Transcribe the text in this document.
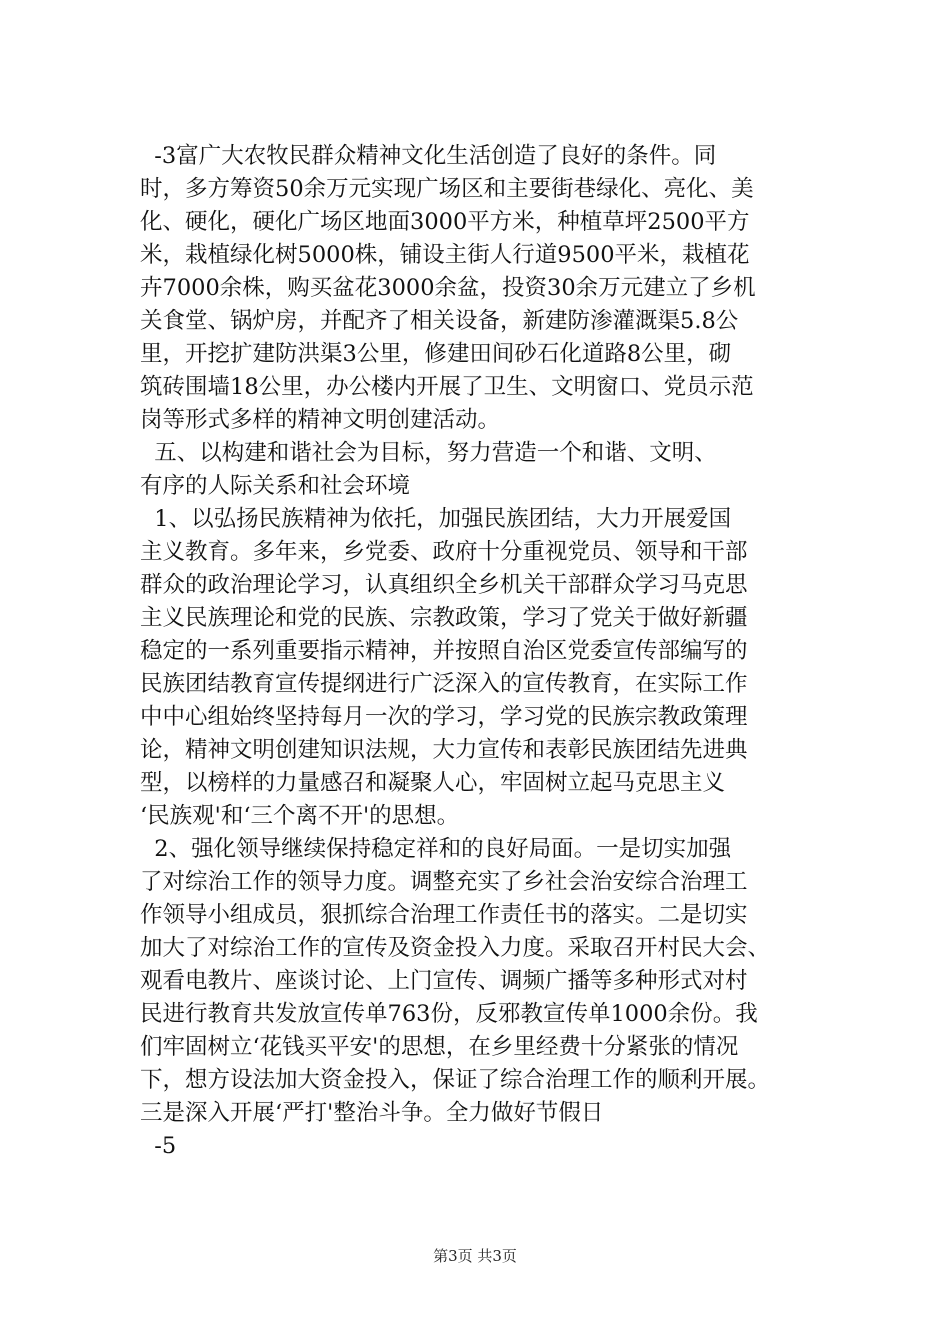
-3富广大农牧民群众精神文化生活创造了良好的条件。同
时，多方筹资50余万元实现广场区和主要街巷绿化、亮化、美
化、硬化，硬化广场区地面3000平方米，种植草坪2500平方
米，栽植绿化树5000株，铺设主街人行道9500平米，栽植花
卉7000余株，购买盆花3000余盆，投资30余万元建立了乡机
关食堂、锅炉房，并配齐了相关设备，新建防渗灌溉渠5.8公
里，开挖扩建防洪渠3公里，修建田间砂石化道路8公里，砌
筑砖围墙18公里，办公楼内开展了卫生、文明窗口、党员示范
岗等形式多样的精神文明创建活动。
五、以构建和谐社会为目标，努力营造一个和谐、文明、
有序的人际关系和社会环境
1、以弘扬民族精神为依托，加强民族团结，大力开展爱国
主义教育。多年来，乡党委、政府十分重视党员、领导和干部
群众的政治理论学习，认真组织全乡机关干部群众学习马克思
主义民族理论和党的民族、宗教政策，学习了党关于做好新疆
稳定的一系列重要指示精神，并按照自治区党委宣传部编写的
民族团结教育宣传提纲进行广泛深入的宣传教育，在实际工作
中中心组始终坚持每月一次的学习，学习党的民族宗教政策理
论，精神文明创建知识法规，大力宣传和表彰民族团结先进典
型，以榜样的力量感召和凝聚人心，牢固树立起马克思主义
‘民族观'和‘三个离不开'的思想。
2、强化领导继续保持稳定祥和的良好局面。一是切实加强
了对综治工作的领导力度。调整充实了乡社会治安综合治理工
作领导小组成员，狠抓综合治理工作责任书的落实。二是切实
加大了对综治工作的宣传及资金投入力度。采取召开村民大会、
观看电教片、座谈讨论、上门宣传、调频广播等多种形式对村
民进行教育共发放宣传单763份，反邪教宣传单1000余份。我
们牢固树立‘花钱买平安'的思想，在乡里经费十分紧张的情况
下，想方设法加大资金投入，保证了综合治理工作的顺利开展。
三是深入开展‘严打'整治斗争。全力做好节假日
-5
第3页 共3页
